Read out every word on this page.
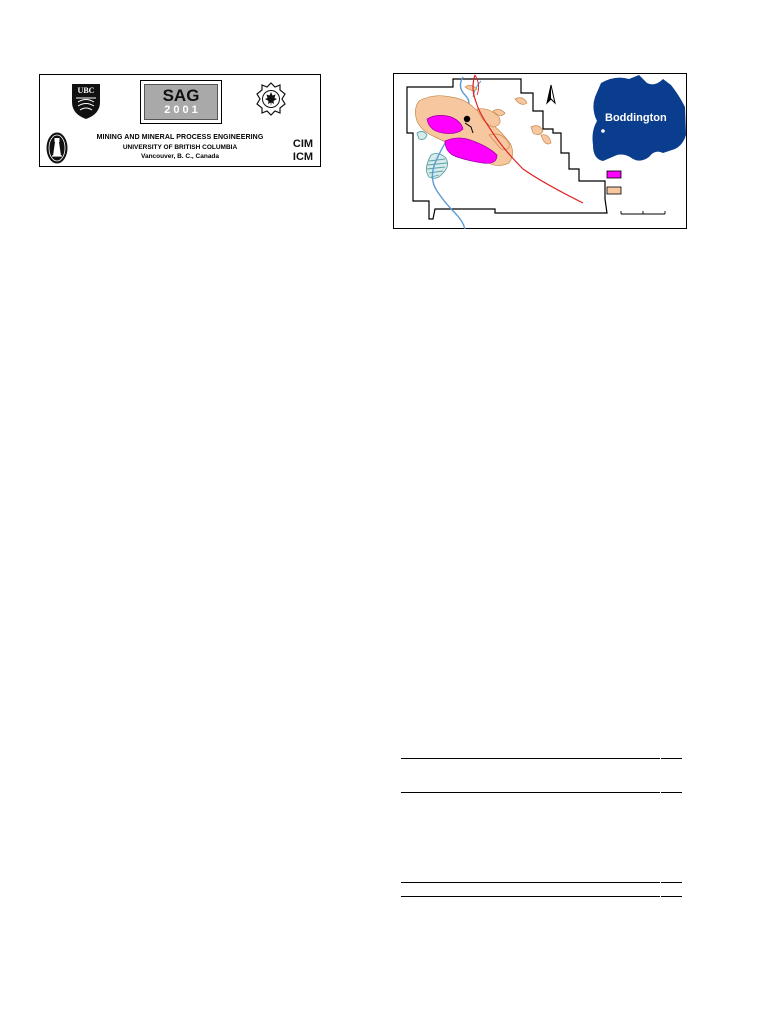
UBC	SAG
2001
MINING AND MINERAL PROCESS ENGINEERING
UNIVERSITY OF BRITISH COLUMBIA
Vancouver, B. C., Canada
CIM
ICM
Boddington
